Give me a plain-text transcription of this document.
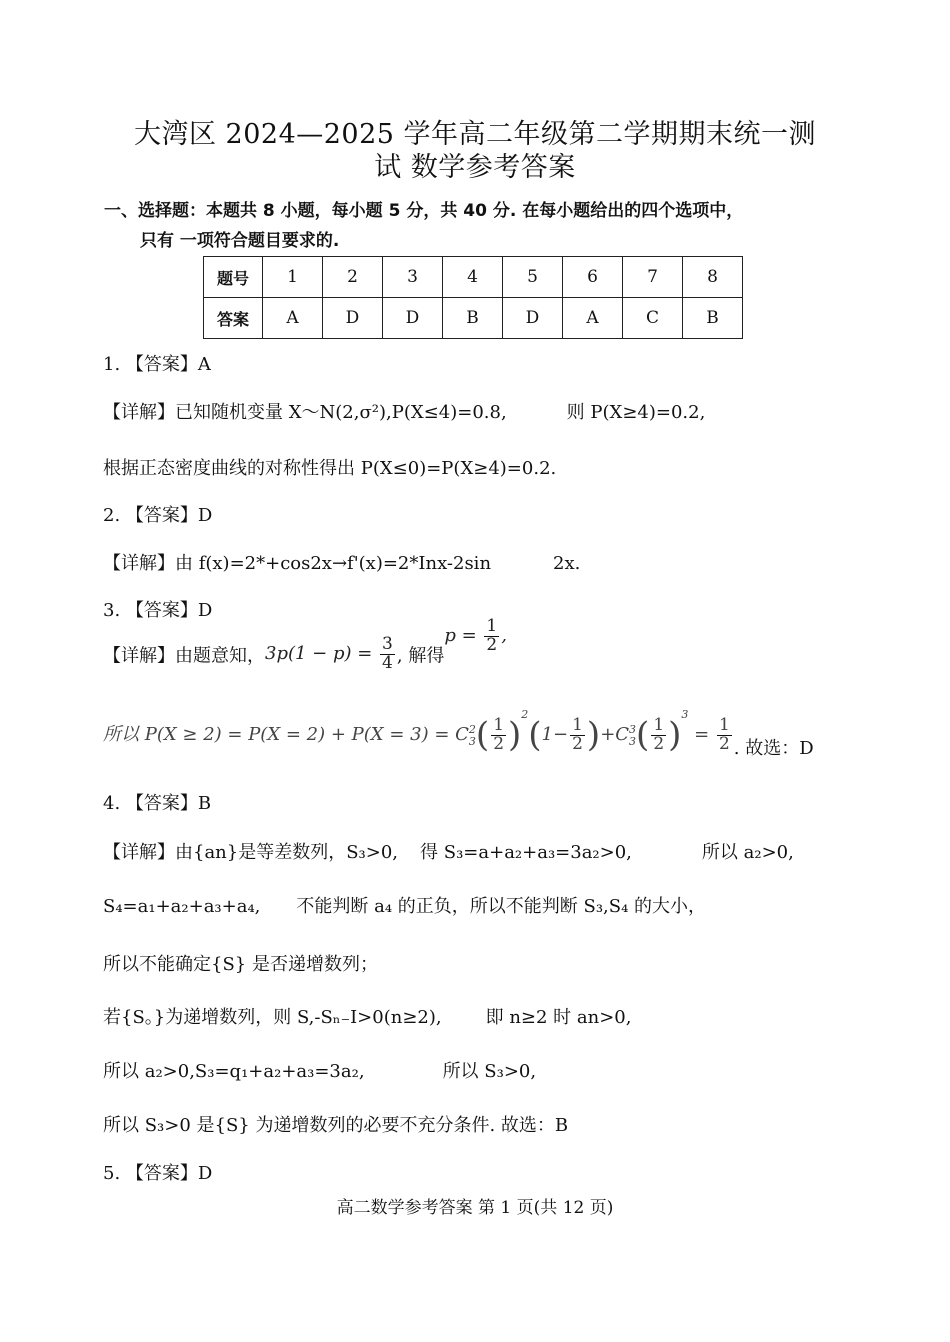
大湾区 2024—2025 学年高二年级第二学期期末统一测
试 数学参考答案
一、选择题：本题共 8 小题，每小题 5 分，共 40 分. 在每小题给出的四个选项中，
只有 一项符合题目要求的.
题号	1	2	3	4	5	6	7	8
答案	A	D	D	B	D	A	C	B
1. 【答案】A
【详解】已知随机变量 X～N(2,σ²),P(X≤4)=0.8,	则 P(X≥4)=0.2,
根据正态密度曲线的对称性得出 P(X≤0)=P(X≥4)=0.2.
2. 【答案】D
【详解】由 f(x)=2*+cos2x→f'(x)=2*Inx-2sin	2x.
3. 【答案】D
【详解】由题意知，$3p(1 - p) = \frac{3}{4}$ , 解得$p = \frac{1}{2}$ ,
所以 $P(X \ge 2) = P(X = 2) + P(X = 3) = C^2_3( \frac{1}{2} )^2(1- \frac{1}{2} )+C^3_3( \frac{1}{2} )^3 = \frac{1}{2}$ . 故选：D
4. 【答案】B
【详解】由{an}是等差数列，S₃>0, 得 S₃=a+a₂+a₃=3a₂>0,	所以 a₂>0,
S₄=a₁+a₂+a₃+a₄, 不能判断 a₄ 的正负，所以不能判断 S₃,S₄ 的大小，
所以不能确定{S} 是否递增数列；
若{S。}为递增数列，则 S,-Sₙ₋I>0(n≥2), 即 n≥2 时 an>0,
所以 a₂>0,S₃=q₁+a₂+a₃=3a₂,	所以 S₃>0,
所以 S₃>0 是{S} 为递增数列的必要不充分条件. 故选：B
5. 【答案】D
高二数学参考答案 第 1 页(共 12 页)
